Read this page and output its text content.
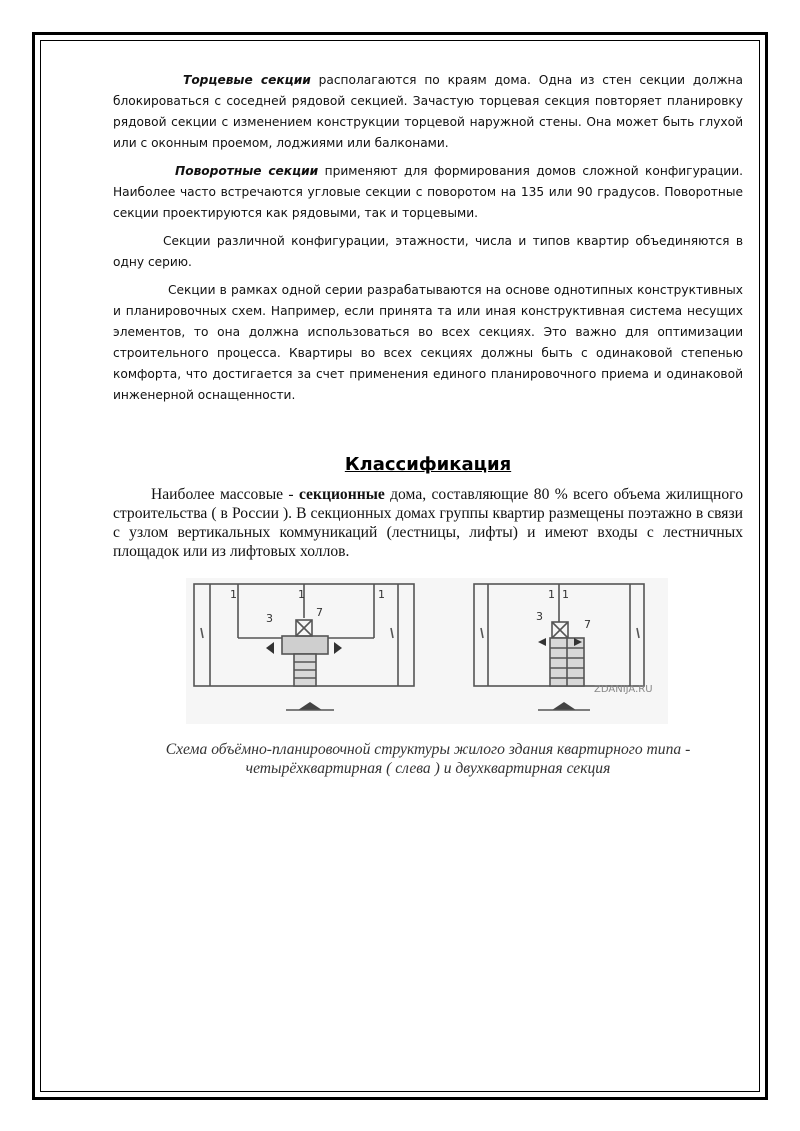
Торцевые секции располагаются по краям дома. Одна из стен секции должна блокироваться с соседней рядовой секцией. Зачастую торцевая секция повторяет планировку рядовой секции с изменением конструкции торцевой наружной стены. Она может быть глухой или с оконным проемом, лоджиями или балконами.

Поворотные секции применяют для формирования домов сложной конфигурации. Наиболее часто встречаются угловые секции с поворотом на 135 или 90 градусов. Поворотные секции проектируются как рядовыми, так и торцевыми.

Секции различной конфигурации, этажности, числа и типов квартир объединяются в одну серию.

Секции в рамках одной серии разрабатываются на основе однотипных конструктивных и планировочных схем. Например, если принята та или иная конструктивная система несущих элементов, то она должна использоваться во всех секциях. Это важно для оптимизации строительного процесса. Квартиры во всех секциях должны быть с одинаковой степенью комфорта, что достигается за счет применения единого планировочного приема и одинаковой инженерной оснащенности.

Классификация

Наиболее массовые - секционные дома, составляющие 80 % всего объема жилищного строительства ( в России ). В секционных домах группы квартир размещены поэтажно в связи с узлом вертикальных коммуникаций (лестницы, лифты) и имеют входы с лестничных площадок или из лифтовых холлов.

1	1	1
3	7
1 1
3
7
ZDANIJA.RU
Схема объёмно-планировочной структуры жилого здания квартирного типа -
четырёхквартирная ( слева ) и двухквартирная секция
